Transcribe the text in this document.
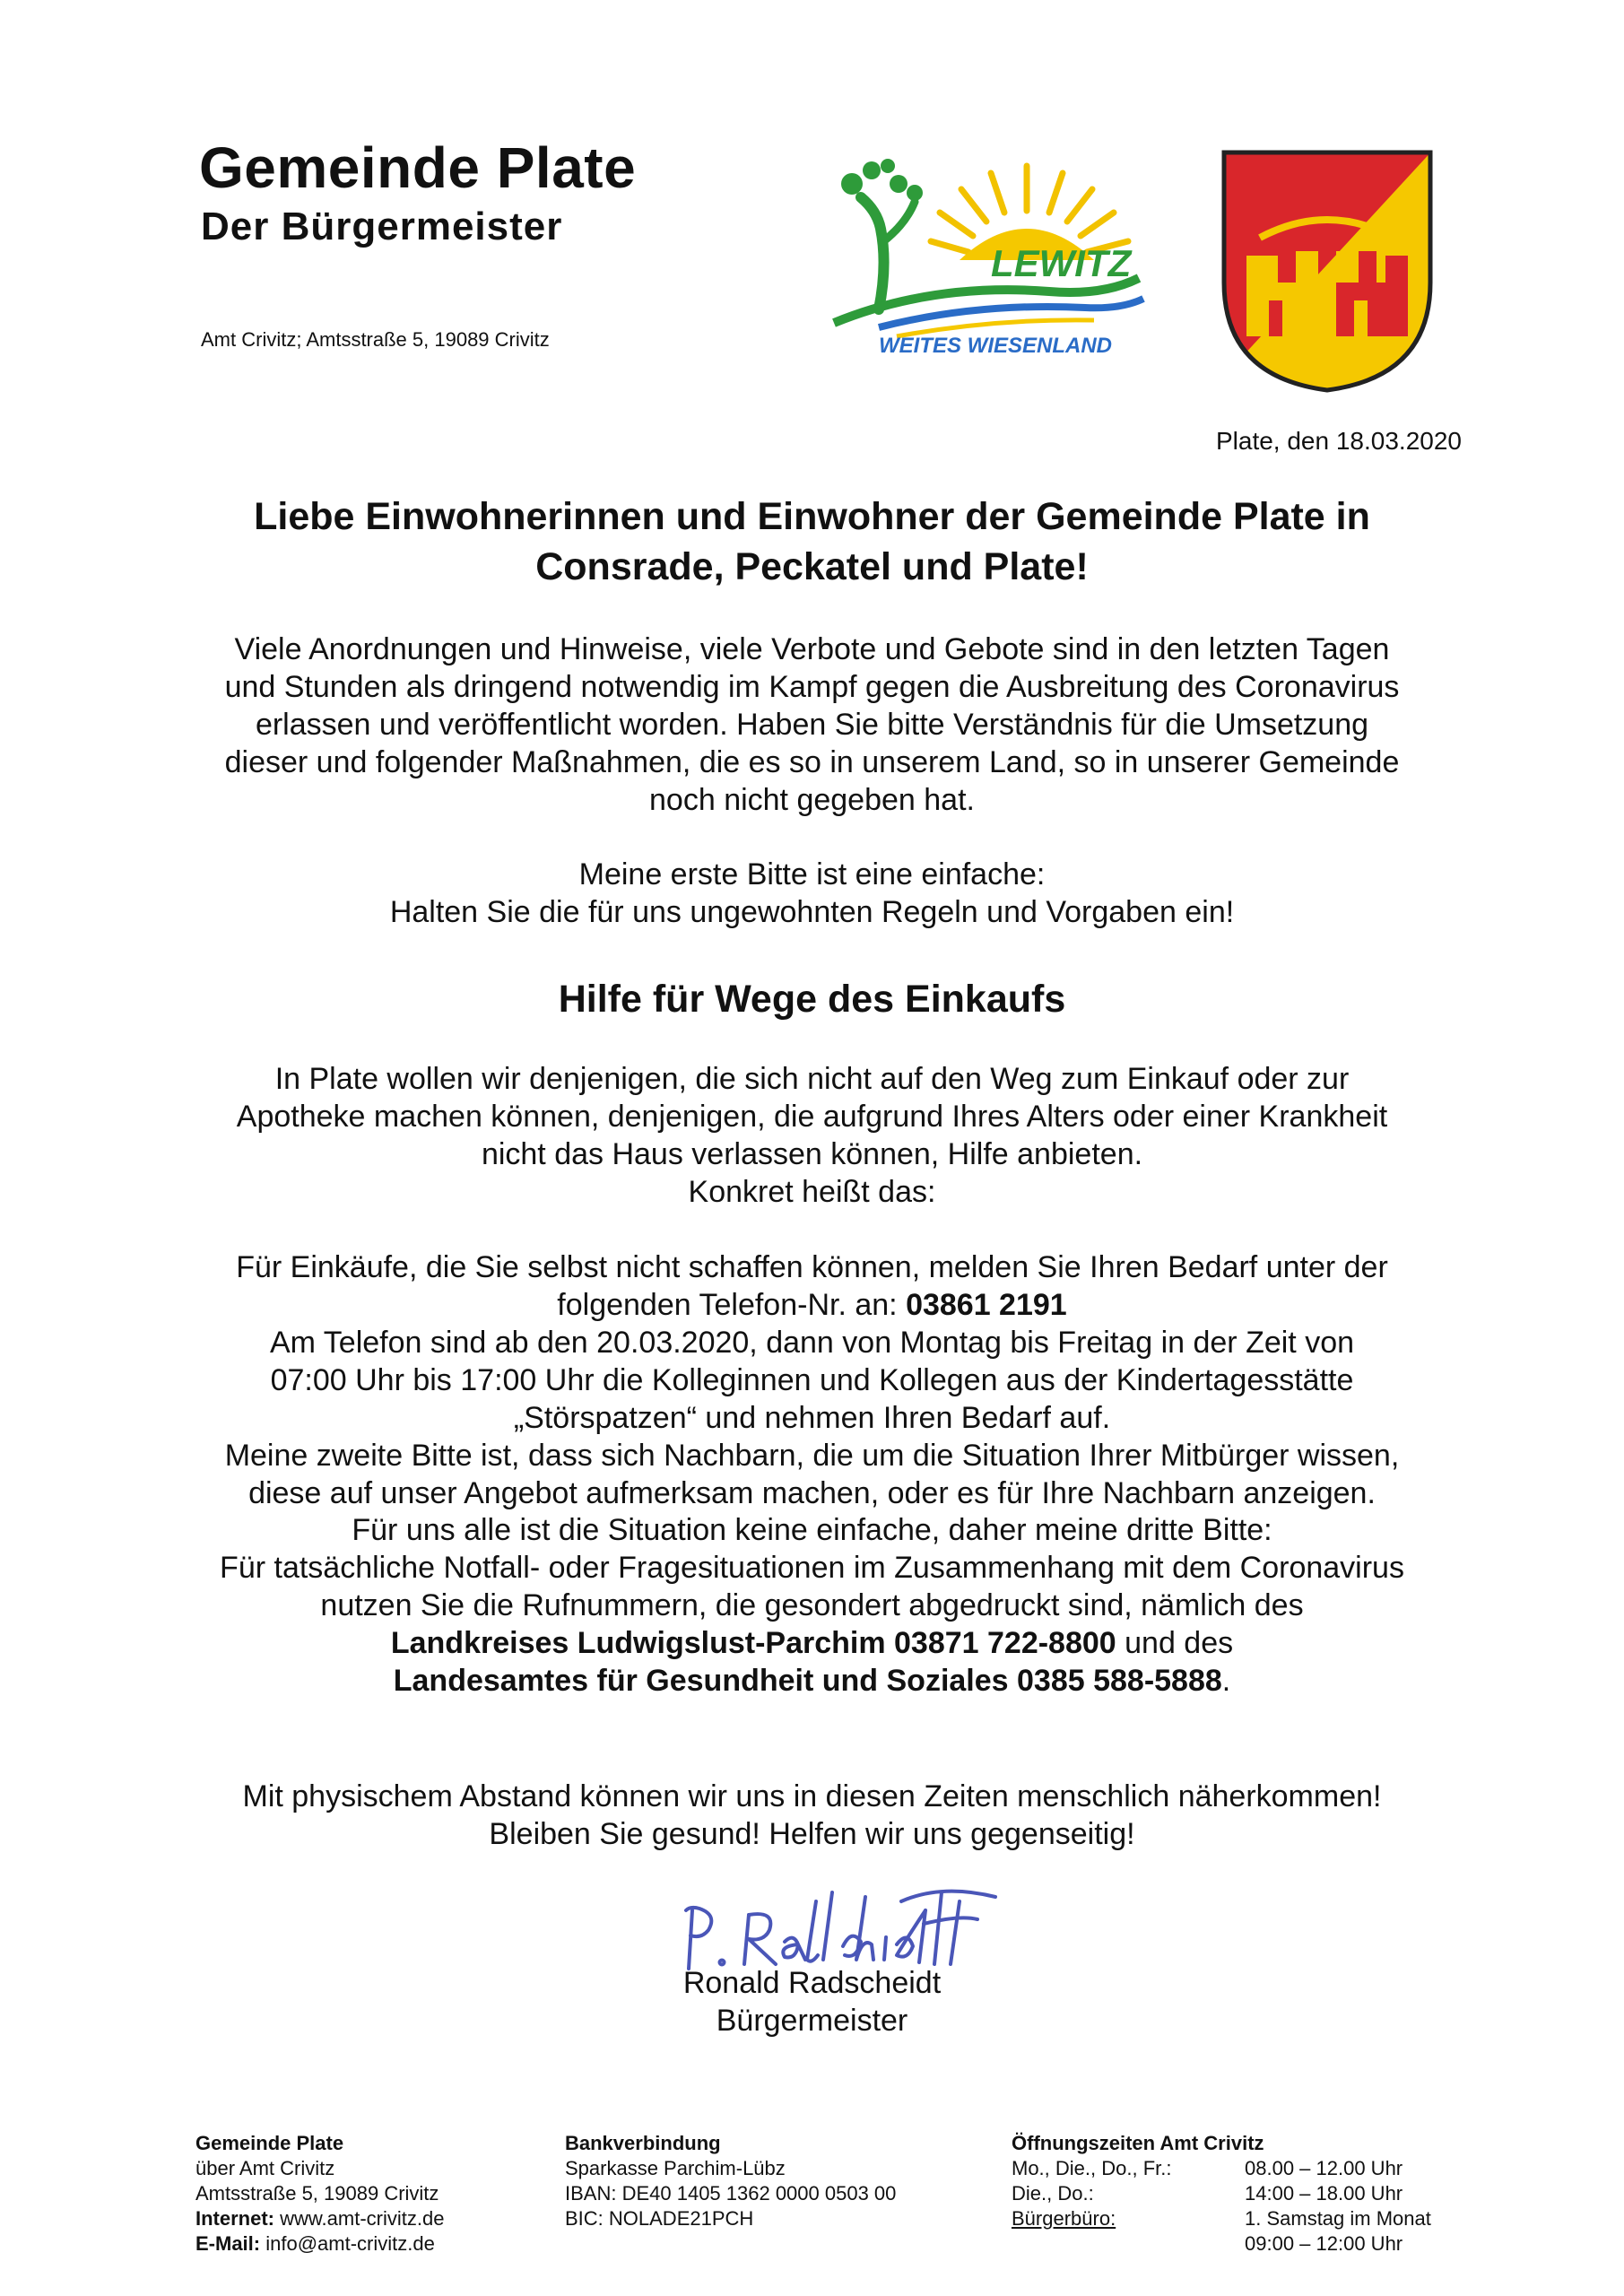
Gemeinde Plate
Der Bürgermeister
Amt Crivitz; Amtsstraße 5, 19089 Crivitz
LEWITZ
WEITES WIESENLAND
Plate, den 18.03.2020
Liebe Einwohnerinnen und Einwohner der Gemeinde Plate in
Consrade, Peckatel und Plate!
Viele Anordnungen und Hinweise, viele Verbote und Gebote sind in den letzten Tagen
und Stunden als dringend notwendig im Kampf gegen die Ausbreitung des Coronavirus
erlassen und veröffentlicht worden. Haben Sie bitte Verständnis für die Umsetzung
dieser und folgender Maßnahmen, die es so in unserem Land, so in unserer Gemeinde
noch nicht gegeben hat.
Meine erste Bitte ist eine einfache:
Halten Sie die für uns ungewohnten Regeln und Vorgaben ein!
Hilfe für Wege des Einkaufs
In Plate wollen wir denjenigen, die sich nicht auf den Weg zum Einkauf oder zur
Apotheke machen können, denjenigen, die aufgrund Ihres Alters oder einer Krankheit
nicht das Haus verlassen können, Hilfe anbieten.
Konkret heißt das:
Für Einkäufe, die Sie selbst nicht schaffen können, melden Sie Ihren Bedarf unter der
folgenden Telefon-Nr. an: 03861 2191
Am Telefon sind ab den 20.03.2020, dann von Montag bis Freitag in der Zeit von
07:00 Uhr bis 17:00 Uhr die Kolleginnen und Kollegen aus der Kindertagesstätte
„Störspatzen“ und nehmen Ihren Bedarf auf.
Meine zweite Bitte ist, dass sich Nachbarn, die um die Situation Ihrer Mitbürger wissen,
diese auf unser Angebot aufmerksam machen, oder es für Ihre Nachbarn anzeigen.
Für uns alle ist die Situation keine einfache, daher meine dritte Bitte:
Für tatsächliche Notfall- oder Fragesituationen im Zusammenhang mit dem Coronavirus
nutzen Sie die Rufnummern, die gesondert abgedruckt sind, nämlich des
Landkreises Ludwigslust-Parchim 03871 722-8800 und des
Landesamtes für Gesundheit und Soziales 0385 588-5888.
Mit physischem Abstand können wir uns in diesen Zeiten menschlich näherkommen!
Bleiben Sie gesund! Helfen wir uns gegenseitig!
Ronald Radscheidt
Bürgermeister
Gemeinde Plate
über Amt Crivitz
Amtsstraße 5, 19089 Crivitz
Internet: www.amt-crivitz.de
E-Mail: info@amt-crivitz.de
Bankverbindung
Sparkasse Parchim-Lübz
IBAN: DE40 1405 1362 0000 0503 00
BIC: NOLADE21PCH
Öffnungszeiten Amt Crivitz
Mo., Die., Do., Fr.:	08.00 – 12.00 Uhr
Die., Do.:	14:00 – 18.00 Uhr
Bürgerbüro:	1. Samstag im Monat
09:00 – 12:00 Uhr
